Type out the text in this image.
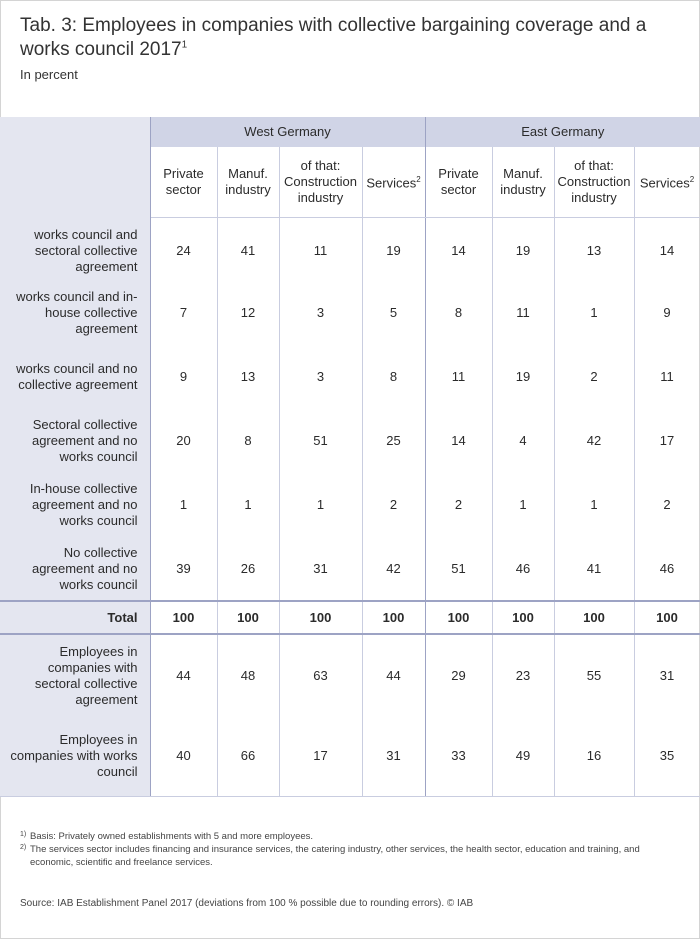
Tab. 3: Employees in companies with collective bargaining coverage and a works council 2017$^1$
In percent
	West Germany				East Germany			
	Private sector	Manuf. industry	of that: Construction industry	Services$^2$	Private sector	Manuf. industry	of that: Construction industry	Services$^2$
works council and sectoral collective agreement	24	41	11	19	14	19	13	14
works council and in-house collective agreement	7	12	3	5	8	11	1	9
works council and no collective agreement	9	13	3	8	11	19	2	11
Sectoral collective agreement and no works council	20	8	51	25	14	4	42	17
In-house collective agreement and no works council	1	1	1	2	2	1	1	2
No collective agreement and no works council	39	26	31	42	51	46	41	46
Total	100	100	100	100	100	100	100	100
Employees in companies with sectoral collective agreement	44	48	63	44	29	23	55	31
Employees in companies with works council	40	66	17	31	33	49	16	35
1) Basis: Privately owned establishments with 5 and more employees.
2) The services sector includes financing and insurance services, the catering industry, other services, the health sector, education and training, and economic, scientific and freelance services.
Source: IAB Establishment Panel 2017 (deviations from 100 % possible due to rounding errors). © IAB
